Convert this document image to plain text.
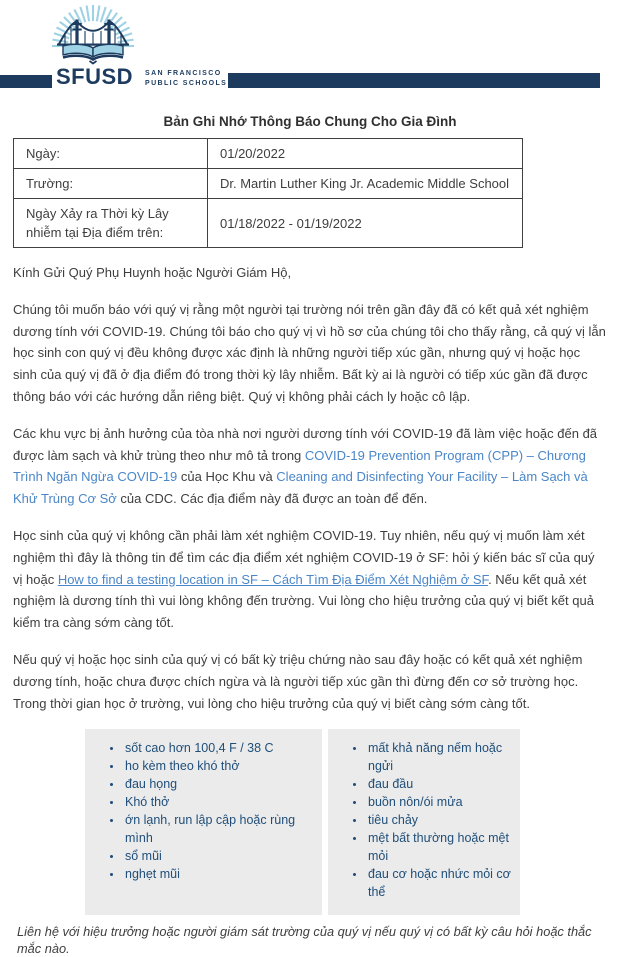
SFUSD SAN FRANCISCO
PUBLIC SCHOOLS
Bản Ghi Nhớ Thông Báo Chung Cho Gia Đình
Ngày:	01/20/2022
Trường:	Dr. Martin Luther King Jr. Academic Middle School
Ngày Xảy ra Thời kỳ Lây nhiễm tại Địa điểm trên:	01/18/2022 - 01/19/2022

Kính Gửi Quý Phụ Huynh hoặc Người Giám Hộ,

Chúng tôi muốn báo với quý vị rằng một người tại trường nói trên gần đây đã có kết quả xét nghiệm dương tính với COVID-19. Chúng tôi báo cho quý vị vì hồ sơ của chúng tôi cho thấy rằng, cả quý vị lẫn học sinh con quý vị đều không được xác định là những người tiếp xúc gần, nhưng quý vị hoặc học sinh của quý vị đã ở địa điểm đó trong thời kỳ lây nhiễm. Bất kỳ ai là người có tiếp xúc gần đã được thông báo với các hướng dẫn riêng biệt. Quý vị không phải cách ly hoặc cô lập.

Các khu vực bị ảnh hưởng của tòa nhà nơi người dương tính với COVID-19 đã làm việc hoặc đến đã được làm sạch và khử trùng theo như mô tả trong COVID-19 Prevention Program (CPP) – Chương Trình Ngăn Ngừa COVID-19 của Học Khu và Cleaning and Disinfecting Your Facility – Làm Sạch và Khử Trùng Cơ Sở của CDC. Các địa điểm này đã được an toàn để đến.

Học sinh của quý vị không cần phải làm xét nghiệm COVID-19. Tuy nhiên, nếu quý vị muốn làm xét nghiệm thì đây là thông tin để tìm các địa điểm xét nghiệm COVID-19 ở SF: hỏi ý kiến bác sĩ của quý vị hoặc How to find a testing location in SF – Cách Tìm Địa Điểm Xét Nghiệm ở SF. Nếu kết quả xét nghiệm là dương tính thì vui lòng không đến trường. Vui lòng cho hiệu trưởng của quý vị biết kết quả kiểm tra càng sớm càng tốt.

Nếu quý vị hoặc học sinh của quý vị có bất kỳ triệu chứng nào sau đây hoặc có kết quả xét nghiệm dương tính, hoặc chưa được chích ngừa và là người tiếp xúc gần thì đừng đến cơ sở trường học. Trong thời gian học ở trường, vui lòng cho hiệu trưởng của quý vị biết càng sớm càng tốt.

• sốt cao hơn 100,4 F / 38 C
• ho kèm theo khó thở
• đau họng
• Khó thở
• ớn lạnh, run lập cập hoặc rùng mình
• sổ mũi
• nghẹt mũi
• mất khả năng nếm hoặc ngửi
• đau đầu
• buồn nôn/ói mửa
• tiêu chảy
• mệt bất thường hoặc mệt mỏi
• đau cơ hoặc nhức mỏi cơ thể
Liên hệ với hiệu trưởng hoặc người giám sát trường của quý vị nếu quý vị có bất kỳ câu hỏi hoặc thắc mắc nào.
